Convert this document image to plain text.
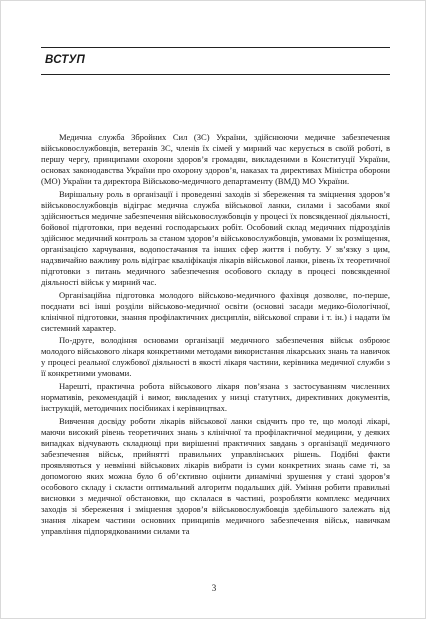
ВСТУП

Медична служба Збройних Сил (ЗС) України, здійснюючи медичне забезпечення військовослужбовців, ветеранів ЗС, членів їх сімей у мирний час керується в своїй роботі, в першу чергу, принципами охорони здоров’я громадян, викладеними в Конституції України, основах законодавства України про охорону здоров’я, наказах та директивах Міністра оборони (МО) України та директора Військово-медичного департаменту (ВМД) МО України.

Вирішальну роль в організації і проведенні заходів зі збереження та зміцнення здоров’я військовослужбовців відіграє медична служба військової ланки, силами і засобами якої здійснюється медичне забезпечення військовослужбовців у процесі їх повсякденної діяльності, бойової підготовки, при веденні господарських робіт. Особовий склад медичних підрозділів здійснює медичний контроль за станом здоров’я військовослужбовців, умовами їх розміщення, організацією харчування, водопостачання та інших сфер життя і побуту. У зв’язку з цим, надзвичайно важливу роль відіграє кваліфікація лікарів військової ланки, рівень їх теоретичної підготовки з питань медичного забезпечення особового складу в процесі повсякденної діяльності військ у мирний час.

Організаційна підготовка молодого військово-медичного фахівця дозволяє, по-перше, поєднати всі інші розділи військово-медичної освіти (основні засади медико-біологічної, клінічної підготовки, знання профілактичних дисциплін, військової справи і т. ін.) і надати їм системний характер.

По-друге, володіння основами організації медичного забезпечення військ озброює молодого військового лікаря конкретними методами використання лікарських знань та навичок у процесі реальної службової діяльності в якості лікаря частини, керівника медичної служби з її конкретними умовами.

Нарешті, практична робота військового лікаря пов’язана з застосуванням численних нормативів, рекомендацій і вимог, викладених у низці статутних, директивних документів, інструкцій, методичних посібниках і керівництвах.

Вивчення досвіду роботи лікарів військової ланки свідчить про те, що молоді лікарі, маючи високий рівень теоретичних знань з клінічної та профілактичної медицини, у деяких випадках відчувають складнощі при вирішенні практичних завдань з організації медичного забезпечення військ, прийнятті правильних управлінських рішень. Подібні факти проявляються у невмінні військових лікарів вибрати із суми конкретних знань саме ті, за допомогою яких можна було б об’єктивно оцінити динамічні зрушення у стані здоров’я особового складу і скласти оптимальний алгоритм подальших дій. Уміння робити правильні висновки з медичної обстановки, що склалася в частині, розробляти комплекс медичних заходів зі збереження і зміцнення здоров’я військовослужбовців здебільшого залежать від знання лікарем частини основних принципів медичного забезпечення військ, навичкам управління підпорядкованими силами та

3
